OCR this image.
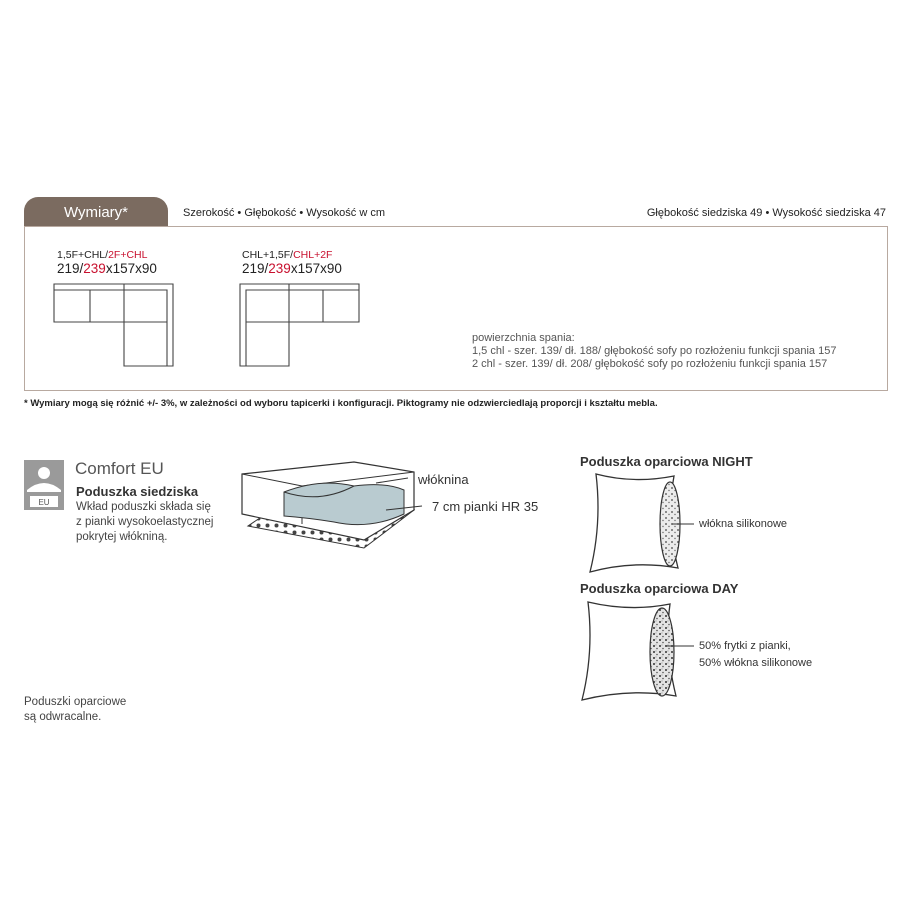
Wymiary*	Szerokość • Głębokość • Wysokość w cm	Głębokość siedziska 49 • Wysokość siedziska 47
1,5F+CHL/2F+CHL
219/239x157x90
CHL+1,5F/CHL+2F
219/239x157x90
powierzchnia spania:
1,5 chl - szer. 139/ dł. 188/ głębokość sofy po rozłożeniu funkcji spania 157
2 chl - szer. 139/ dł. 208/ głębokość sofy po rozłożeniu funkcji spania 157
* Wymiary mogą się różnić +/- 3%, w zależności od wyboru tapicerki i konfiguracji. Piktogramy nie odzwierciedlają proporcji i kształtu mebla.
EU
Comfort EU
Poduszka siedziska
Wkład poduszki składa się
z pianki wysokoelastycznej
pokrytej włókniną.
włóknina
7 cm pianki HR 35
Poduszka oparciowa NIGHT
włókna silikonowe
Poduszka oparciowa DAY
50% frytki z pianki,
50% włókna silikonowe
Poduszki oparciowe
są odwracalne.
